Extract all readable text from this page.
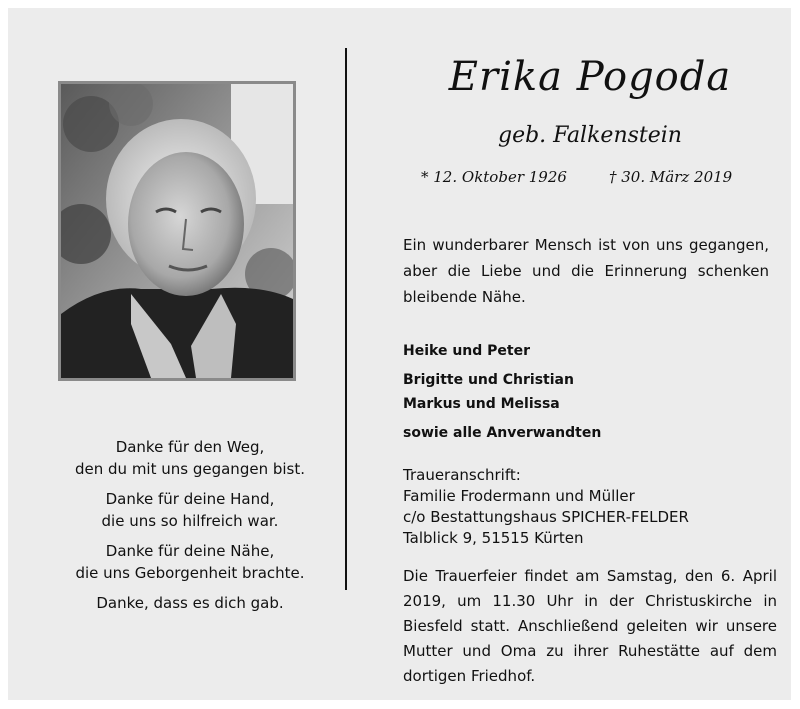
Danke für den Weg,
den du mit uns gegangen bist.
Danke für deine Hand,
die uns so hilfreich war.
Danke für deine Nähe,
die uns Geborgenheit brachte.
Danke, dass es dich gab.
Erika Pogoda
geb. Falkenstein
* 12. Oktober 1926	† 30. März 2019
Ein wunderbarer Mensch ist von uns gegangen, aber die Liebe und die Erinnerung schenken bleibende Nähe.
Heike und Peter
Brigitte und Christian
Markus und Melissa
sowie alle Anverwandten
Traueranschrift:
Familie Frodermann und Müller
c/o Bestattungshaus SPICHER-FELDER
Talblick 9, 51515 Kürten
Die Trauerfeier findet am Samstag, den 6. April 2019, um 11.30 Uhr in der Christuskirche in Biesfeld statt. Anschließend geleiten wir unsere Mutter und Oma zu ihrer Ruhestätte auf dem dortigen Friedhof.
